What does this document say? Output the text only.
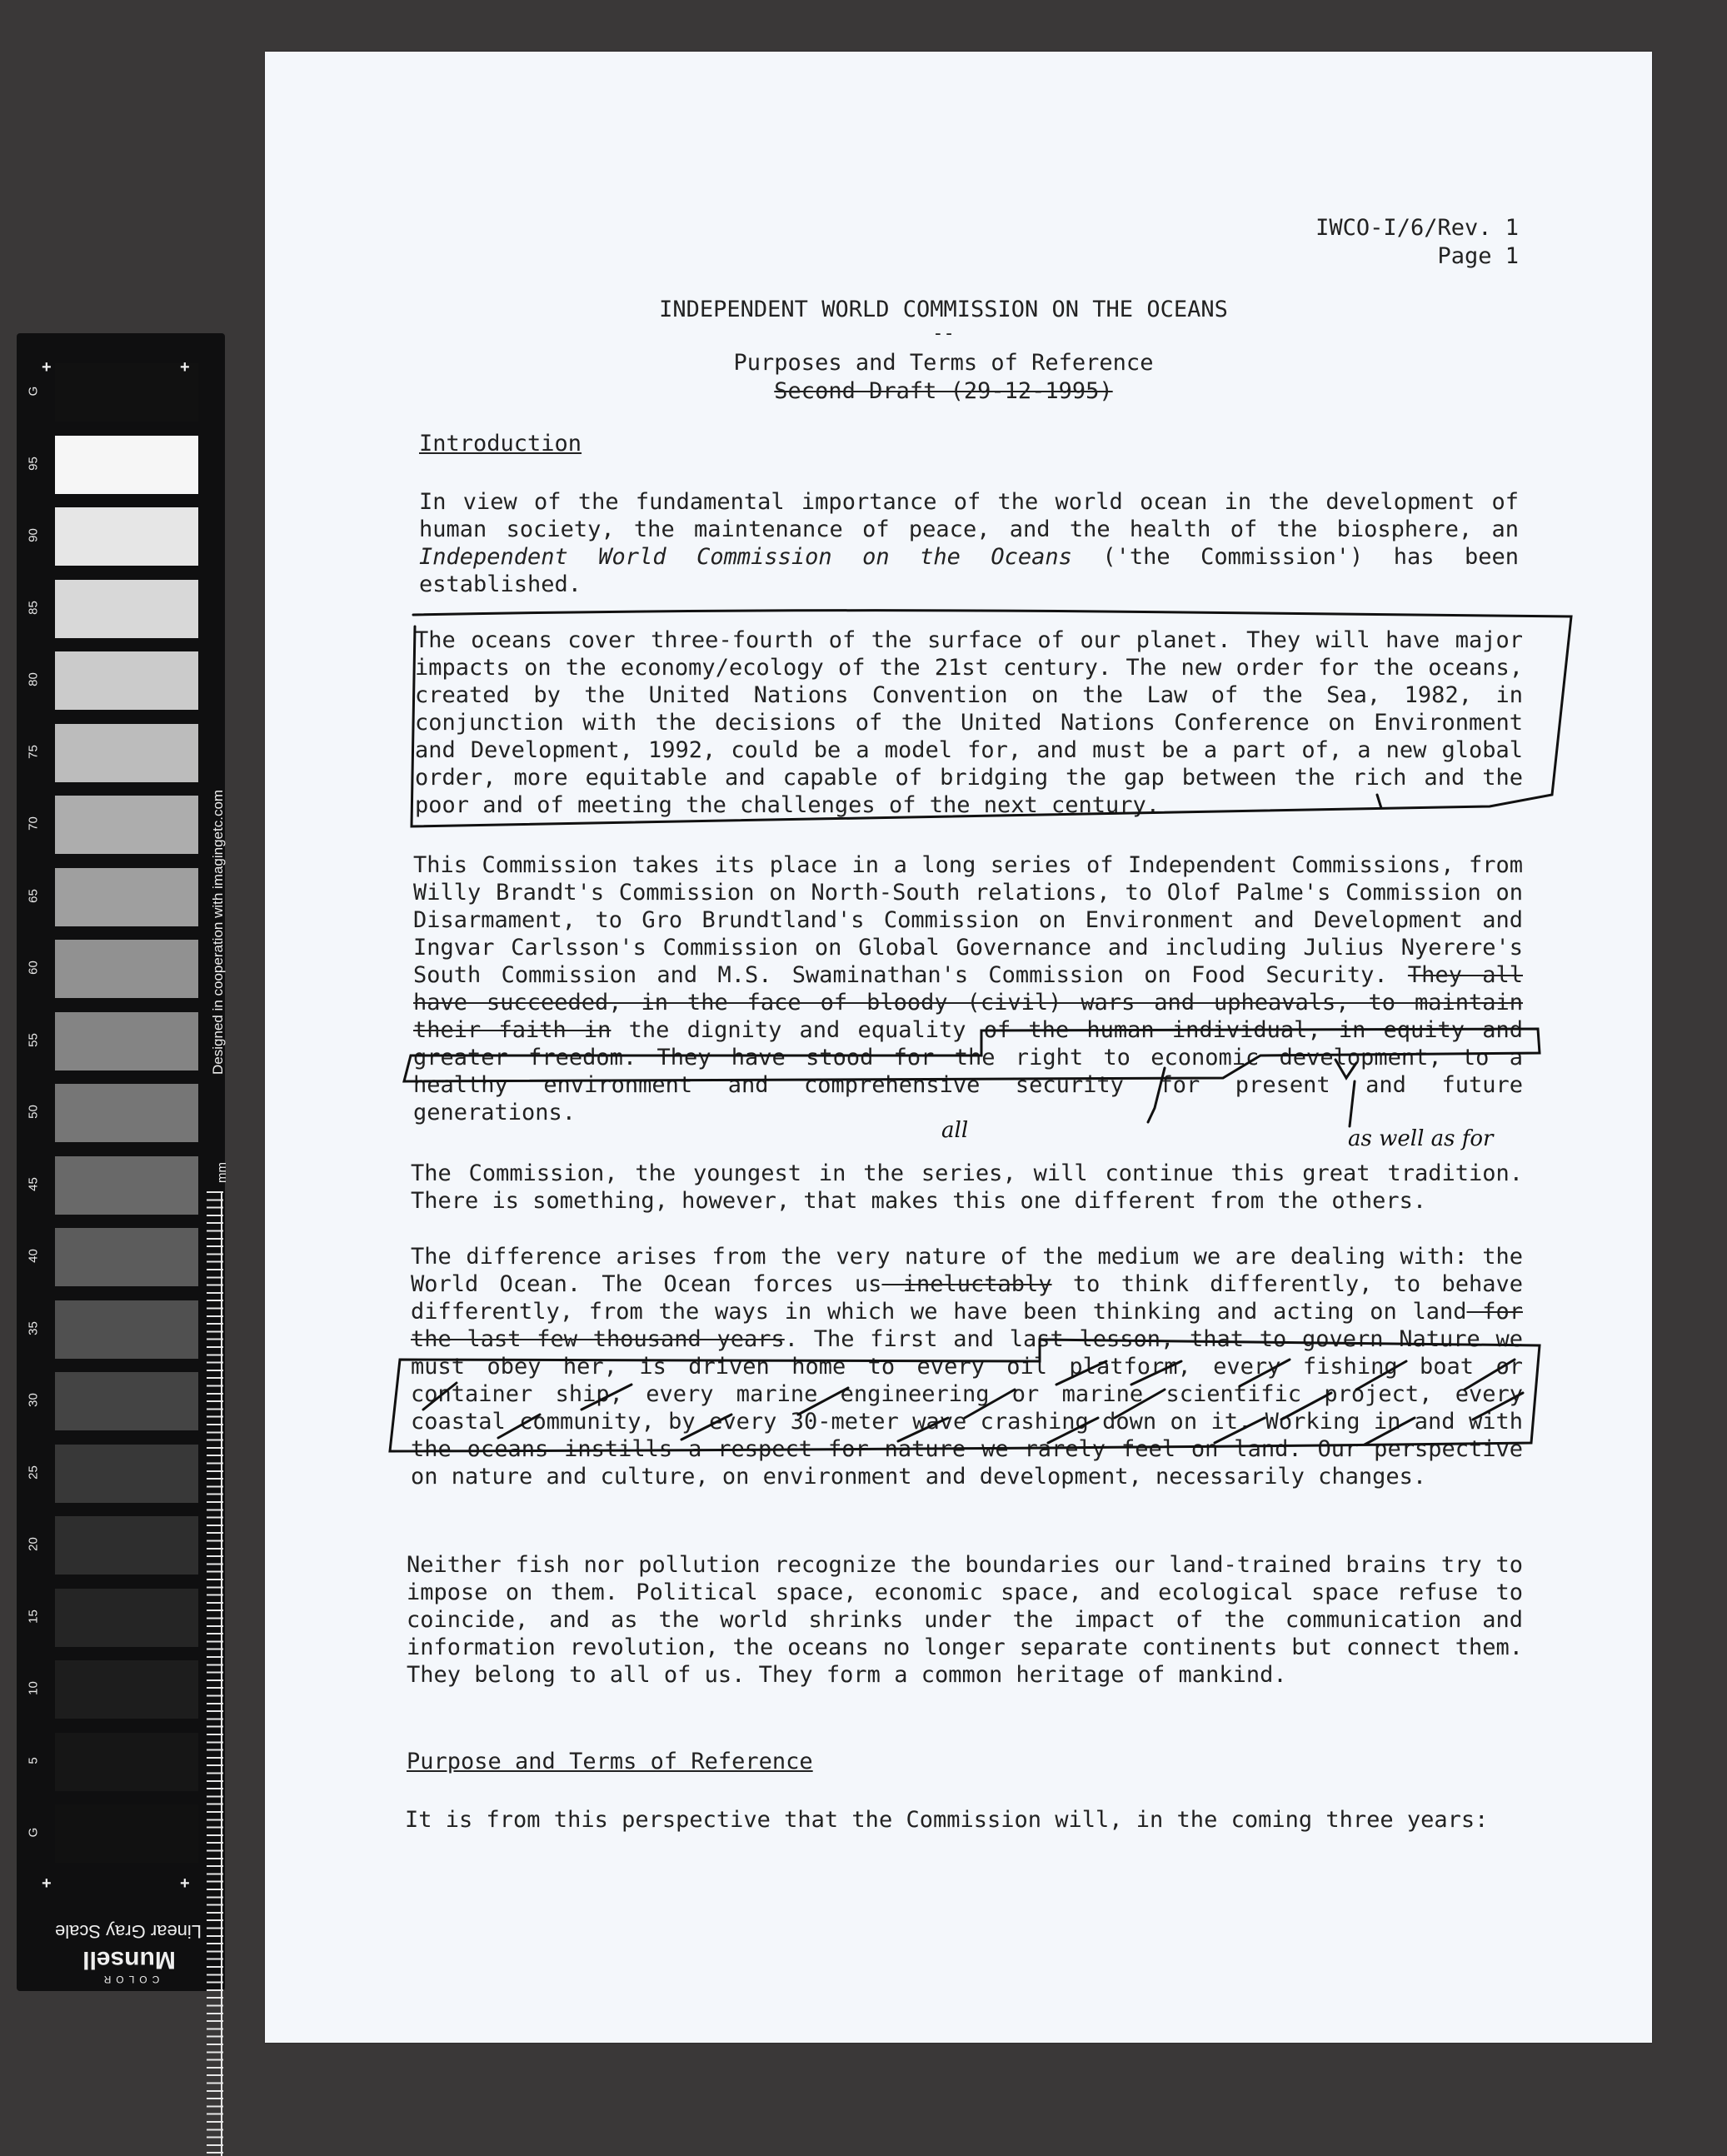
G
95
90
85
80
75
70
65
60
55
50
45
40
35
30
25
20
15
10
5
G
+	+
+	+
Designed in cooperation with imagingetc.com
mm
Linear Gray Scale
COLOR
Munsell
IWCO-I/6/Rev. 1
Page 1
INDEPENDENT WORLD COMMISSION ON THE OCEANS
--
Purposes and Terms of Reference
Second Draft (29-12-1995)
Introduction
In view of the fundamental importance of the world ocean in the development of human society, the maintenance of peace, and the health of the biosphere, an Independent World Commission on the Oceans ('the Commission') has been established.
The oceans cover three-fourth of the surface of our planet. They will have major impacts on the economy/ecology of the 21st century. The new order for the oceans, created by the United Nations Convention on the Law of the Sea, 1982, in conjunction with the decisions of the United Nations Conference on Environment and Development, 1992, could be a model for, and must be a part of, a new global order, more equitable and capable of bridging the gap between the rich and the poor and of meeting the challenges of the next century.
This Commission takes its place in a long series of Independent Commissions, from Willy Brandt's Commission on North-South relations, to Olof Palme's Commission on Disarmament, to Gro Brundtland's Commission on Environment and Development and Ingvar Carlsson's Commission on Global Governance and including Julius Nyerere's South Commission and M.S. Swaminathan's Commission on Food Security. They all have succeeded, in the face of bloody (civil) wars and upheavals, to maintain their faith in the dignity and equality of the human individual, in equity and greater freedom. They have stood for the right to economic development, to a healthy environment and comprehensive security for present and future generations.
all	as well as for
The Commission, the youngest in the series, will continue this great tradition. There is something, however, that makes this one different from the others.
The difference arises from the very nature of the medium we are dealing with: the World Ocean. The Ocean forces us ineluctably to think differently, to behave differently, from the ways in which we have been thinking and acting on land for the last few thousand years. The first and last lesson, that to govern Nature we must obey her, is driven home to every oil platform, every fishing boat or container ship, every marine engineering or marine scientific project, every coastal community, by every 30-meter wave crashing down on it. Working in and with the oceans instills a respect for nature we rarely feel on land. Our perspective on nature and culture, on environment and development, necessarily changes.
Neither fish nor pollution recognize the boundaries our land-trained brains try to impose on them. Political space, economic space, and ecological space refuse to coincide, and as the world shrinks under the impact of the communication and information revolution, the oceans no longer separate continents but connect them. They belong to all of us. They form a common heritage of mankind.
Purpose and Terms of Reference
It is from this perspective that the Commission will, in the coming three years:
